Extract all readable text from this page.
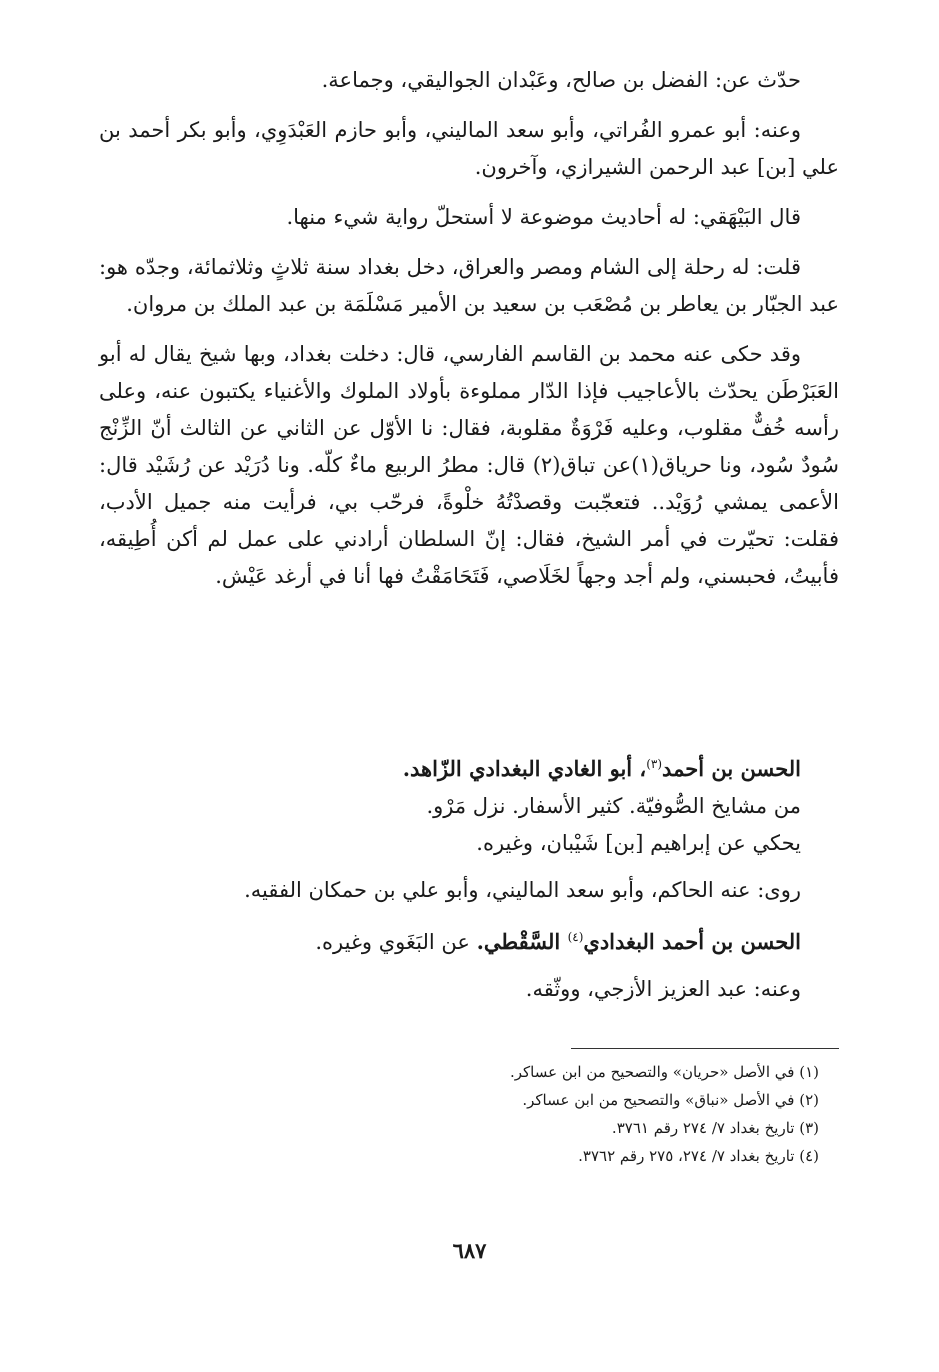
حدّث عن: الفضل بن صالح، وعَبْدان الجواليقي، وجماعة.

وعنه: أبو عمرو الفُراتي، وأبو سعد الماليني، وأبو حازم العَبْدَوِي، وأبو بكر أحمد بن علي [بن] عبد الرحمن الشيرازي، وآخرون.

قال البَيْهَقي: له أحاديث موضوعة لا أستحلّ رواية شيء منها.

قلت: له رحلة إلى الشام ومصر والعراق، دخل بغداد سنة ثلاثٍ وثلاثمائة، وجدّه هو: عبد الجبّار بن يعاطر بن مُصْعَب بن سعيد بن الأمير مَسْلَمَة بن عبد الملك بن مروان.

وقد حكى عنه محمد بن القاسم الفارسي، قال: دخلت بغداد، وبها شيخ يقال له أبو العَبَرْطَن يحدّث بالأعاجيب فإذا الدّار مملوءة بأولاد الملوك والأغنياء يكتبون عنه، وعلى رأسه خُفٌّ مقلوب، وعليه فَرْوَةٌ مقلوبة، فقال: نا الأوّل عن الثاني عن الثالث أنّ الزِّنْج سُودٌ سُود، ونا حرياق(١)عن تباق(٢) قال: مطرُ الربيع ماءٌ كلّه. ونا دُرَيْد عن رُشَيْد قال: الأعمى يمشي رُوَيْد.. فتعجّبت وقصدْتُهُ خلْوةً، فرحّب بي، فرأيت منه جميل الأدب، فقلت: تحيّرت في أمر الشيخ، فقال: إنّ السلطان أرادني على عمل لم أكن أُطِيقه، فأبيتُ، فحبسني، ولم أجد وجهاً لخَلَاصي، فَتَحَامَقْتُ فها أنا في أرغد عَيْش.

الحسن بن أحمد$^{(٣)}$، أبو الغادي البغدادي الزّاهد.

من مشايخ الصُّوفيّة. كثير الأسفار. نزل مَرْو.

يحكي عن إبراهيم [بن] شَيْبان، وغيره.

روى: عنه الحاكم، وأبو سعد الماليني، وأبو علي بن حمكان الفقيه.

الحسن بن أحمد البغدادي$^{(٤)}$ السَّقْطي. عن البَغَوي وغيره.

وعنه: عبد العزيز الأزجي، ووثّقه.

(١) في الأصل «حريان» والتصحيح من ابن عساكر.

(٢) في الأصل «نباق» والتصحيح من ابن عساكر.

(٣) تاريخ بغداد ٧/ ٢٧٤ رقم ٣٧٦١.

(٤) تاريخ بغداد ٧/ ٢٧٤، ٢٧٥ رقم ٣٧٦٢.

٦٨٧
